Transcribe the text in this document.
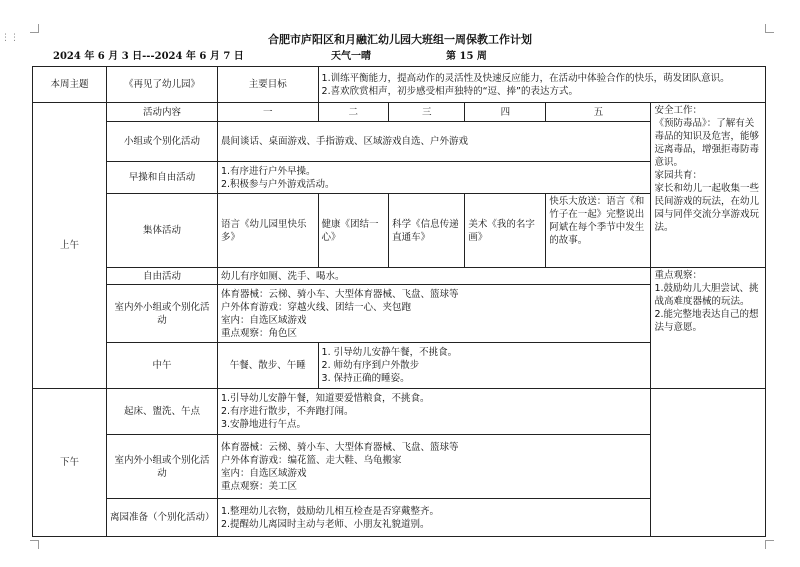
⋮⋮	合肥市庐阳区和月融汇幼儿园大班组一周保教工作计划
2024 年 6 月 3 日---2024 年 6 月 7 日	天气一晴	第 15 周
本周主题	《再见了幼儿园》	主要目标	1.训练平衡能力，提高动作的灵活性及快速反应能力，在活动中体验合作的快乐，萌发团队意识。
2.喜欢欣赏相声，初步感受相声独特的“逗、捧”的表达方式。				

上午	活动内容	一	二	三	四	五	安全工作：
《预防毒品》：了解有关毒品的知识及危害，能够远离毒品，增强拒毒防毒意识。
家园共育：
家长和幼儿一起收集一些民间游戏的玩法，在幼儿园与同伴交流分享游戏玩法。

	小组或个别化活动	晨间谈话、桌面游戏、手指游戏、区域游戏自选、户外游戏					
	早操和自由活动	1.有序进行户外早操。
2.积极参与户外游戏活动。					

	集体活动	语言《幼儿园里快乐多》	健康《团结一心》	科学《信息传递直通车》	美术《我的名字画》	快乐大放送：语言《和竹子在一起》完整说出阿斌在每个季节中发生的故事。	
	自由活动	幼儿有序如厕、洗手、喝水。					重点观察：
1.鼓励幼儿大胆尝试、挑战高难度器械的玩法。
2.能完整地表达自己的想法与意愿。

	室内外小组或个别化活动	体育器械：云梯、骑小车、大型体育器械、飞盘、篮球等
户外体育游戏：穿越火线、团结一心、夹包跑
室内：自选区域游戏
重点观察：角色区					

	中午	午餐、散步、午睡	1. 引导幼儿安静午餐，不挑食。
2. 师幼有序到户外散步
3. 保持正确的睡姿。				

下午	起床、盥洗、午点	1.引导幼儿安静午餐，知道要爱惜粮食，不挑食。
2.有序进行散步，不奔跑打闹。
3.安静地进行午点。					

	室内外小组或个别化活动	体育器械：云梯、骑小车、大型体育器械、飞盘、篮球等
户外体育游戏：编花篮、走大鞋、乌龟搬家
室内：自选区域游戏
重点观察：美工区					

	离园准备（个别化活动）	1.整理幼儿衣物，鼓励幼儿相互检查是否穿戴整齐。
2.提醒幼儿离园时主动与老师、小朋友礼貌道别。					
